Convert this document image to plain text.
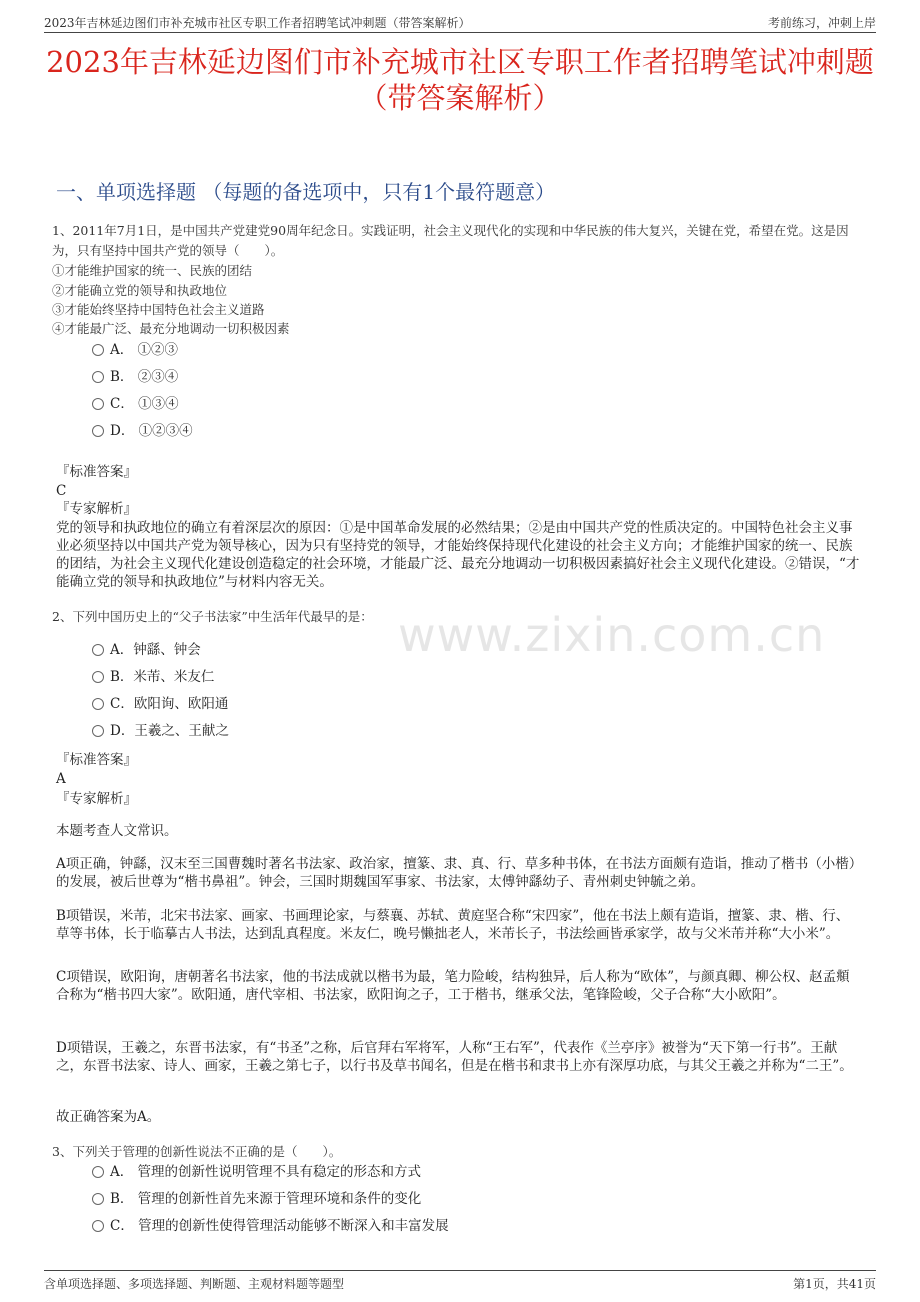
2023年吉林延边图们市补充城市社区专职工作者招聘笔试冲刺题（带答案解析）	考前练习，冲刺上岸
2023年吉林延边图们市补充城市社区专职工作者招聘笔试冲刺题（带答案解析）
一、单项选择题 （每题的备选项中，只有1个最符题意）
www.zixin.com.cn
1、2011年7月1日，是中国共产党建党90周年纪念日。实践证明，社会主义现代化的实现和中华民族的伟大复兴，关键在党，希望在党。这是因为，只有坚持中国共产党的领导（　　）。
①才能维护国家的统一、民族的团结
②才能确立党的领导和执政地位
③才能始终坚持中国特色社会主义道路
④才能最广泛、最充分地调动一切积极因素
A． ①②③
B． ②③④
C． ①③④
D． ①②③④
『标准答案』
C
『专家解析』
党的领导和执政地位的确立有着深层次的原因：①是中国革命发展的必然结果；②是由中国共产党的性质决定的。中国特色社会主义事业必须坚持以中国共产党为领导核心，因为只有坚持党的领导，才能始终保持现代化建设的社会主义方向；才能维护国家的统一、民族的团结，为社会主义现代化建设创造稳定的社会环境，才能最广泛、最充分地调动一切积极因素搞好社会主义现代化建设。②错误，“才能确立党的领导和执政地位”与材料内容无关。
2、下列中国历史上的“父子书法家”中生活年代最早的是：
A．钟繇、钟会
B．米芾、米友仁
C．欧阳询、欧阳通
D．王羲之、王献之
『标准答案』
A
『专家解析』
本题考查人文常识。
A项正确，钟繇，汉末至三国曹魏时著名书法家、政治家，擅篆、隶、真、行、草多种书体，在书法方面颇有造诣，推动了楷书（小楷）的发展，被后世尊为“楷书鼻祖”。钟会，三国时期魏国军事家、书法家，太傅钟繇幼子、青州刺史钟毓之弟。
B项错误，米芾，北宋书法家、画家、书画理论家，与蔡襄、苏轼、黄庭坚合称“宋四家”，他在书法上颇有造诣，擅篆、隶、楷、行、草等书体，长于临摹古人书法，达到乱真程度。米友仁，晚号懒拙老人，米芾长子，书法绘画皆承家学，故与父米芾并称“大小米”。
C项错误，欧阳询，唐朝著名书法家，他的书法成就以楷书为最，笔力险峻，结构独异，后人称为“欧体”，与颜真卿、柳公权、赵孟頫合称为“楷书四大家”。欧阳通，唐代宰相、书法家，欧阳询之子，工于楷书，继承父法，笔锋险峻，父子合称“大小欧阳”。
D项错误，王羲之，东晋书法家，有“书圣”之称，后官拜右军将军，人称“王右军”，代表作《兰亭序》被誉为“天下第一行书”。王献之，东晋书法家、诗人、画家，王羲之第七子，以行书及草书闻名，但是在楷书和隶书上亦有深厚功底，与其父王羲之并称为“二王”。
故正确答案为A。
3、下列关于管理的创新性说法不正确的是（　　）。
A． 管理的创新性说明管理不具有稳定的形态和方式
B． 管理的创新性首先来源于管理环境和条件的变化
C． 管理的创新性使得管理活动能够不断深入和丰富发展
含单项选择题、多项选择题、判断题、主观材料题等题型	第1页，共41页
